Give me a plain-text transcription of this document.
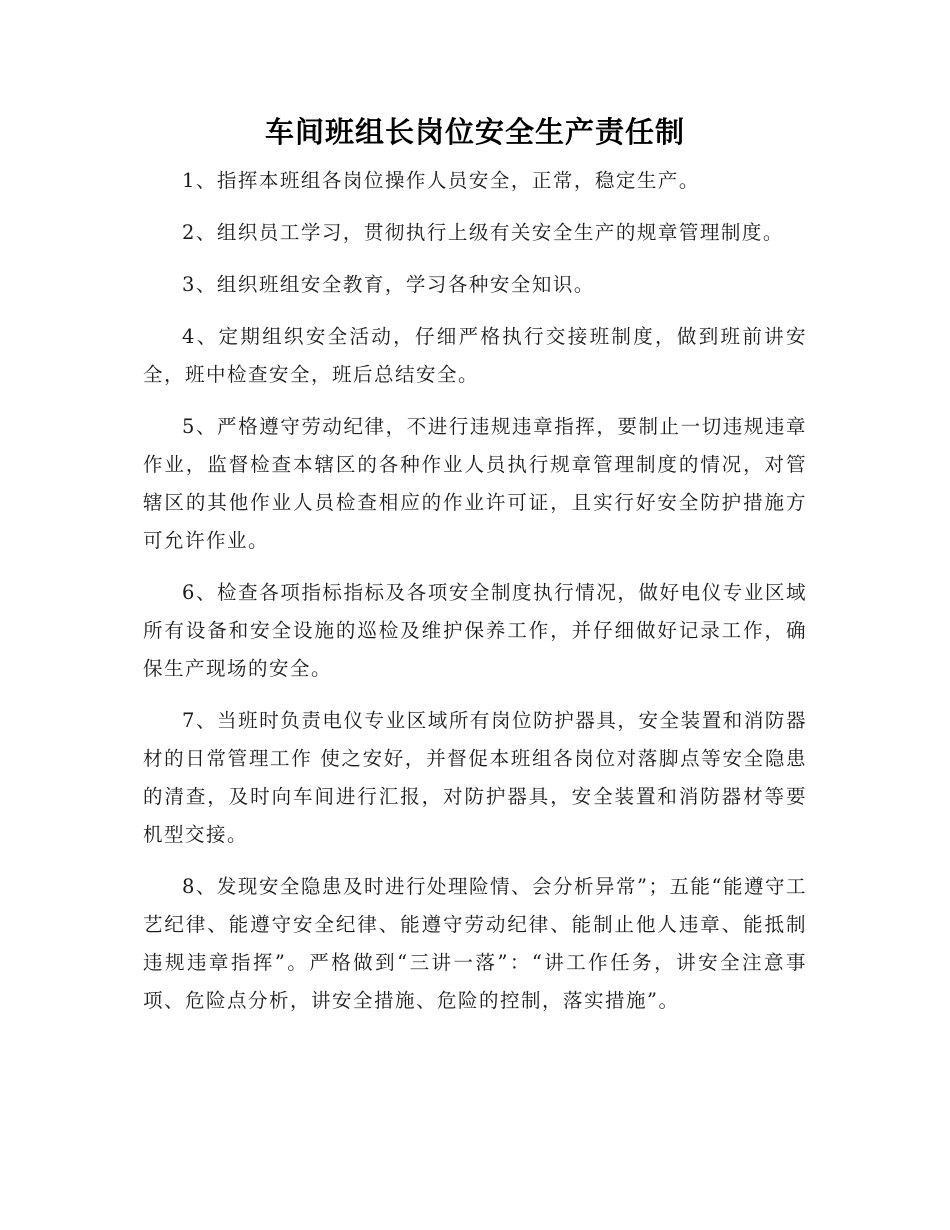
车间班组长岗位安全生产责任制

1、指挥本班组各岗位操作人员安全，正常，稳定生产。

2、组织员工学习，贯彻执行上级有关安全生产的规章管理制度。

3、组织班组安全教育，学习各种安全知识。

4、定期组织安全活动，仔细严格执行交接班制度，做到班前讲安全，班中检查安全，班后总结安全。

5、严格遵守劳动纪律，不进行违规违章指挥，要制止一切违规违章作业，监督检查本辖区的各种作业人员执行规章管理制度的情况，对管辖区的其他作业人员检查相应的作业许可证，且实行好安全防护措施方可允许作业。

6、检查各项指标指标及各项安全制度执行情况，做好电仪专业区域所有设备和安全设施的巡检及维护保养工作，并仔细做好记录工作，确保生产现场的安全。

7、当班时负责电仪专业区域所有岗位防护器具，安全装置和消防器材的日常管理工作 使之安好，并督促本班组各岗位对落脚点等安全隐患的清查，及时向车间进行汇报，对防护器具，安全装置和消防器材等要机型交接。

8、发现安全隐患及时进行处理险情、会分析异常”；五能“能遵守工艺纪律、能遵守安全纪律、能遵守劳动纪律、能制止他人违章、能抵制违规违章指挥”。严格做到“三讲一落”：“讲工作任务，讲安全注意事项、危险点分析，讲安全措施、危险的控制，落实措施”。
